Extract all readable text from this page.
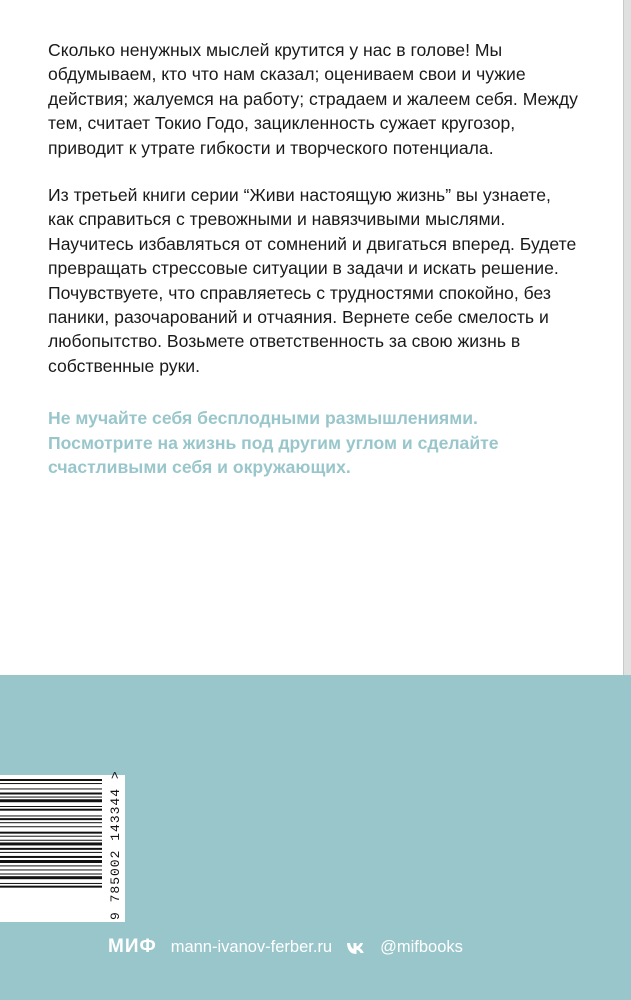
Сколько ненужных мыслей крутится у нас в голове! Мы обдумываем, кто что нам сказал; оцениваем свои и чужие действия; жалуемся на работу; страдаем и жалеем себя. Между тем, считает Токио Годо, зацикленность сужает кругозор, приводит к утрате гибкости и творческого потенциала.

Из третьей книги серии “Живи настоящую жизнь” вы узнаете, как справиться с тревожными и навязчивыми мыслями. Научитесь избавляться от сомнений и двигаться вперед. Будете превращать стрессовые ситуации в задачи и искать решение. Почувствуете, что справляетесь с трудностями спокойно, без паники, разочарований и отчаяния. Вернете себе смелость и любопытство. Возьмете ответственность за свою жизнь в собственные руки.

Не мучайте себя бесплодными размышлениями. Посмотрите на жизнь под другим углом и сделайте счастливыми себя и окружающих.

9 785002 143344 >
МИФ mann-ivanov-ferber.ru	@mifbooks
